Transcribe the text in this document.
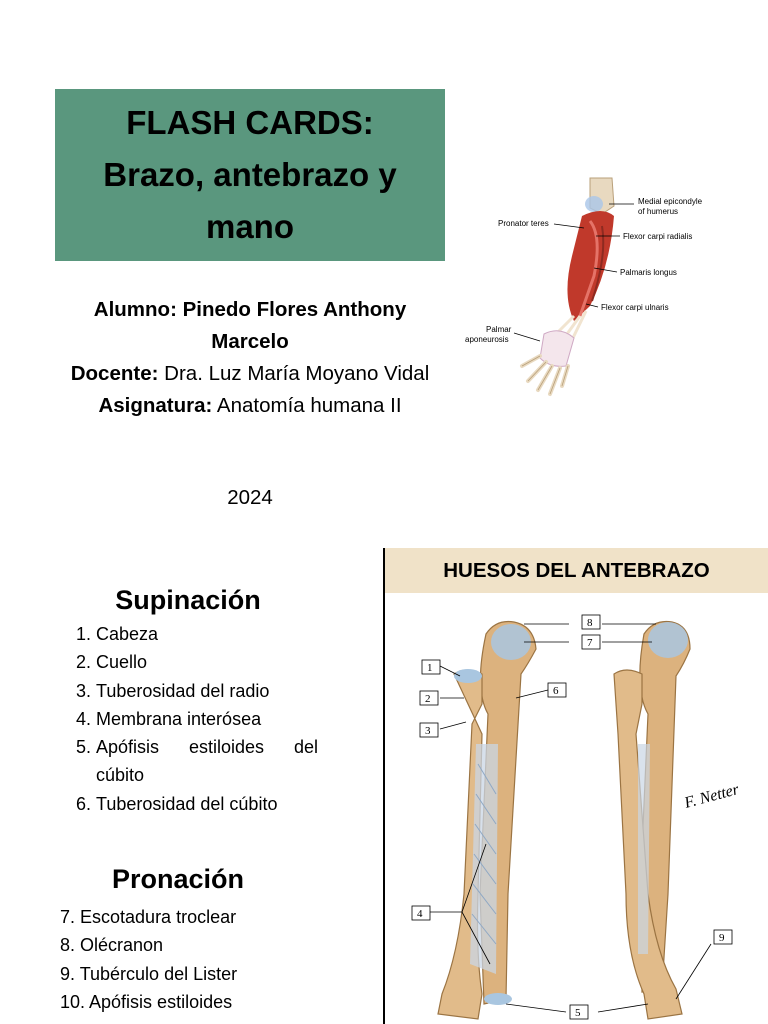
FLASH CARDS:
Brazo, antebrazo y
mano
Alumno: Pinedo Flores Anthony Marcelo
Docente: Dra. Luz María Moyano Vidal
Asignatura: Anatomía humana II
2024
Medial epicondyle
of humerus
Pronator teres
Flexor carpi radialis
Palmaris longus
Flexor carpi ulnaris
Palmar
aponeurosis
Supinación
1. Cabeza
2. Cuello
3. Tuberosidad del radio
4. Membrana interósea
5. Apófisis estiloides del cúbito
6. Tuberosidad del cúbito
Pronación
7. Escotadura troclear
8. Olécranon
9. Tubérculo del Lister
10. Apófisis estiloides
HUESOS DEL ANTEBRAZO
1
2
3
4
5
6
7
8
9
F. Netter
